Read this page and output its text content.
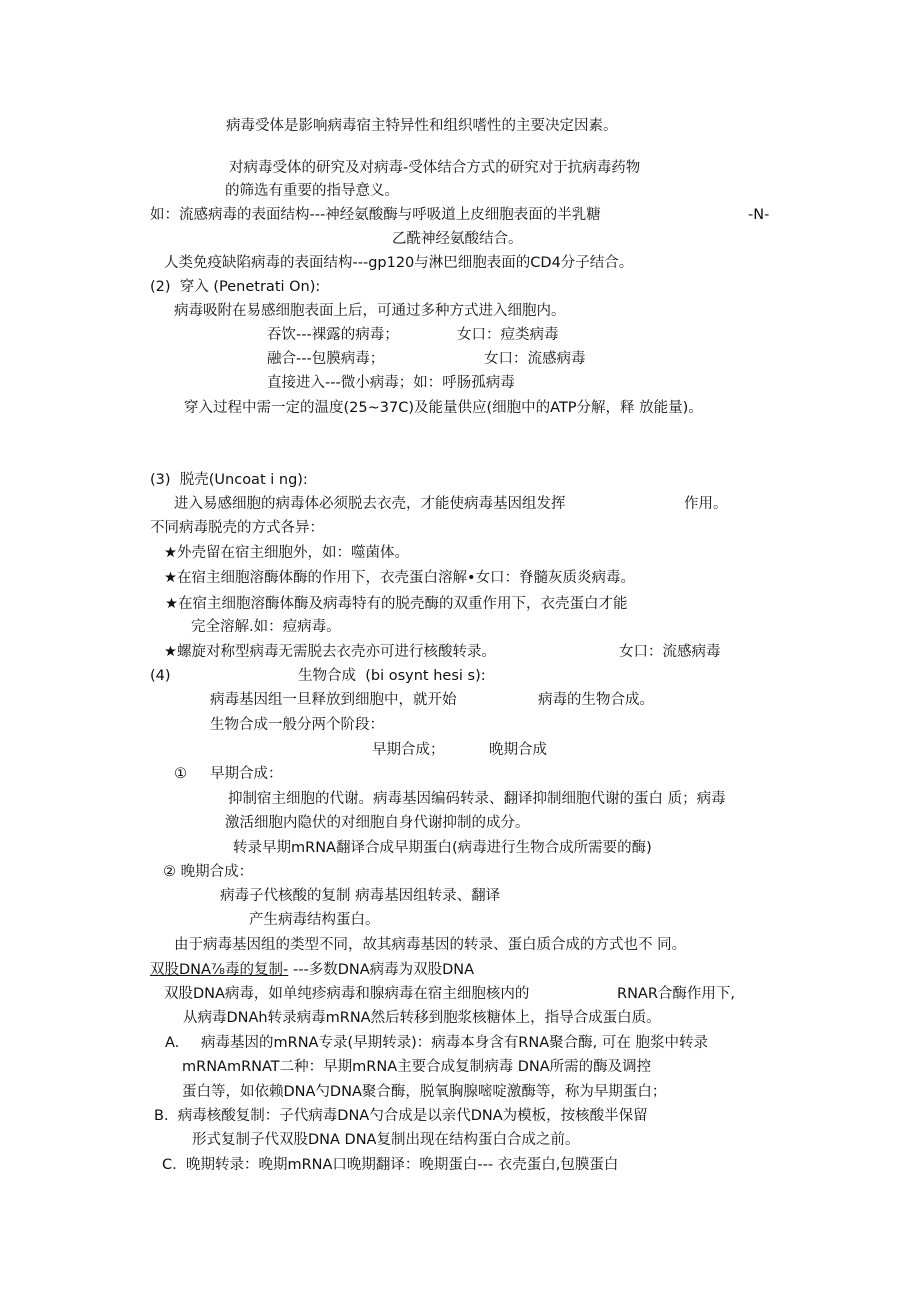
病毒受体是影响病毒宿主特异性和组织嗜性的主要决定因素。
对病毒受体的研究及对病毒-受体结合方式的研究对于抗病毒药物
的筛选有重要的指导意义。
如：流感病毒的表面结构---神经氨酸酶与呼吸道上皮细胞表面的半乳糖	-N-
乙酰神经氨酸结合。
人类免疫缺陷病毒的表面结构---gp120与淋巴细胞表面的CD4分子结合。
(2)  穿入 (Penetrati On):
病毒吸附在易感细胞表面上后，可通过多种方式进入细胞内。
吞饮---裸露的病毒；	女口：痘类病毒
融合---包膜病毒；	女口：流感病毒
直接进入---微小病毒；如：呼肠孤病毒
穿入过程中需一定的温度(25~37C)及能量供应(细胞中的ATP分解，释 放能量)。
(3)  脱壳(Uncoat i ng):
进入易感细胞的病毒体必须脱去衣壳，才能使病毒基因组发挥	作用。
不同病毒脱壳的方式各异：
★外壳留在宿主细胞外，如：噬菌体。
★在宿主细胞溶酶体酶的作用下，衣壳蛋白溶解•女口：脊髓灰质炎病毒。
★在宿主细胞溶酶体酶及病毒特有的脱壳酶的双重作用下，衣壳蛋白才能
完全溶解.如：痘病毒。
★螺旋对称型病毒无需脱去衣壳亦可进行核酸转录。	女口：流感病毒
(4)	生物合成  (bi osynt hesi s):
病毒基因组一旦释放到细胞中，就开始	病毒的生物合成。
生物合成一般分两个阶段：
早期合成；	晚期合成
① 早期合成：
抑制宿主细胞的代谢。病毒基因编码转录、翻译抑制细胞代谢的蛋白 质；病毒
激活细胞内隐伏的对细胞自身代谢抑制的成分。
转录早期mRNA翻译合成早期蛋白(病毒进行生物合成所需要的酶)
② 晚期合成：
病毒子代核酸的复制 病毒基因组转录、翻译
产生病毒结构蛋白。
由于病毒基因组的类型不同，故其病毒基因的转录、蛋白质合成的方式也不 同。
双股DNA⅞毒的复制- ---多数DNA病毒为双股DNA
双股DNA病毒，如单纯疹病毒和腺病毒在宿主细胞核内的	RNAR合酶作用下,
从病毒DNAh转录病毒mRNA然后转移到胞浆核糖体上，指导合成蛋白质。
A. 病毒基因的mRNA专录(早期转录)：病毒本身含有RNA聚合酶, 可在 胞浆中转录
mRNAmRNAT二种：早期mRNA主要合成复制病毒 DNA所需的酶及调控
蛋白等，如依赖DNA勺DNA聚合酶，脱氧胸腺嘧啶激酶等，称为早期蛋白；
B.  病毒核酸复制：子代病毒DNA勺合成是以亲代DNA为模板，按核酸半保留
形式复制子代双股DNA DNA复制出现在结构蛋白合成之前。
C.  晚期转录：晚期mRNA口晚期翻译：晚期蛋白--- 衣壳蛋白,包膜蛋白
